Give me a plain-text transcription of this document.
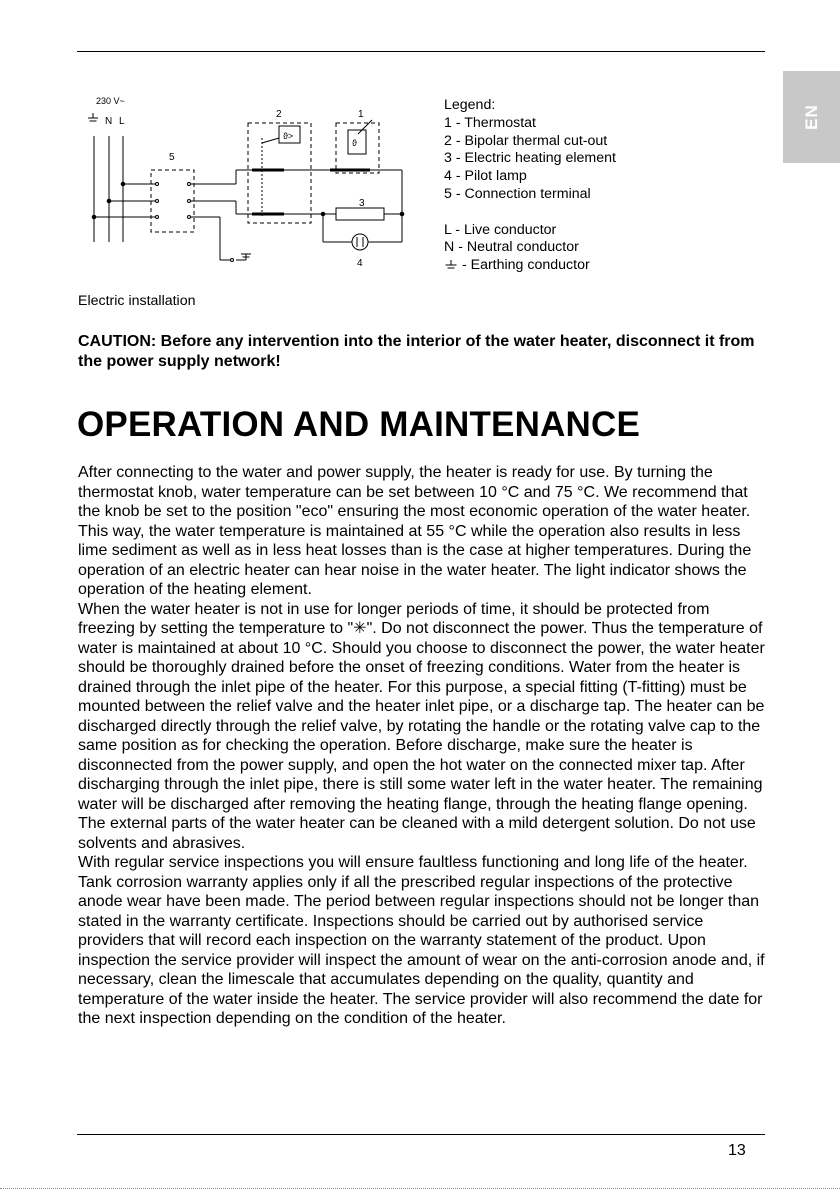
EN
230 V~
N L
5
2
ϑ>
1
ϑ
3
4
Legend:
1 - Thermostat
2 - Bipolar thermal cut-out
3 - Electric heating element
4 - Pilot lamp
5 - Connection terminal
L - Live conductor
N - Neutral conductor
- Earthing conductor
Electric installation
CAUTION: Before any intervention into the interior of the water heater, disconnect it from the power supply network!
OPERATION AND MAINTENANCE

After connecting to the water and power supply, the heater is ready for use. By turning the thermostat knob, water temperature can be set between 10 °C and 75 °C. We recommend that the knob be set to the position "eco" ensuring the most economic operation of the water heater. This way, the water temperature is maintained at 55 °C while the operation also results in less lime sediment as well as in less heat losses than is the case at higher temperatures. During the operation of an electric heater can hear noise in the water heater. The light indicator shows the operation of the heating element.

When the water heater is not in use for longer periods of time, it should be protected from freezing by setting the temperature to "✳". Do not disconnect the power. Thus the temperature of water is maintained at about 10 °C. Should you choose to disconnect the power, the water heater should be thoroughly drained before the onset of freezing conditions. Water from the heater is drained through the inlet pipe of the heater. For this purpose, a special fitting (T-fitting) must be mounted between the relief valve and the heater inlet pipe, or a discharge tap. The heater can be discharged directly through the relief valve, by rotating the handle or the rotating valve cap to the same position as for checking the operation. Before discharge, make sure the heater is disconnected from the power supply, and open the hot water on the connected mixer tap. After discharging through the inlet pipe, there is still some water left in the water heater. The remaining water will be discharged after removing the heating flange, through the heating flange opening.

The external parts of the water heater can be cleaned with a mild detergent solution. Do not use solvents and abrasives.

With regular service inspections you will ensure faultless functioning and long life of the heater. Tank corrosion warranty applies only if all the prescribed regular inspections of the protective anode wear have been made. The period between regular inspections should not be longer than stated in the warranty certificate. Inspections should be carried out by authorised service providers that will record each inspection on the warranty statement of the product. Upon inspection the service provider will inspect the amount of wear on the anti-corrosion anode and, if necessary, clean the limescale that accumulates depending on the quality, quantity and temperature of the water inside the heater. The service provider will also recommend the date for the next inspection depending on the condition of the heater.

13
